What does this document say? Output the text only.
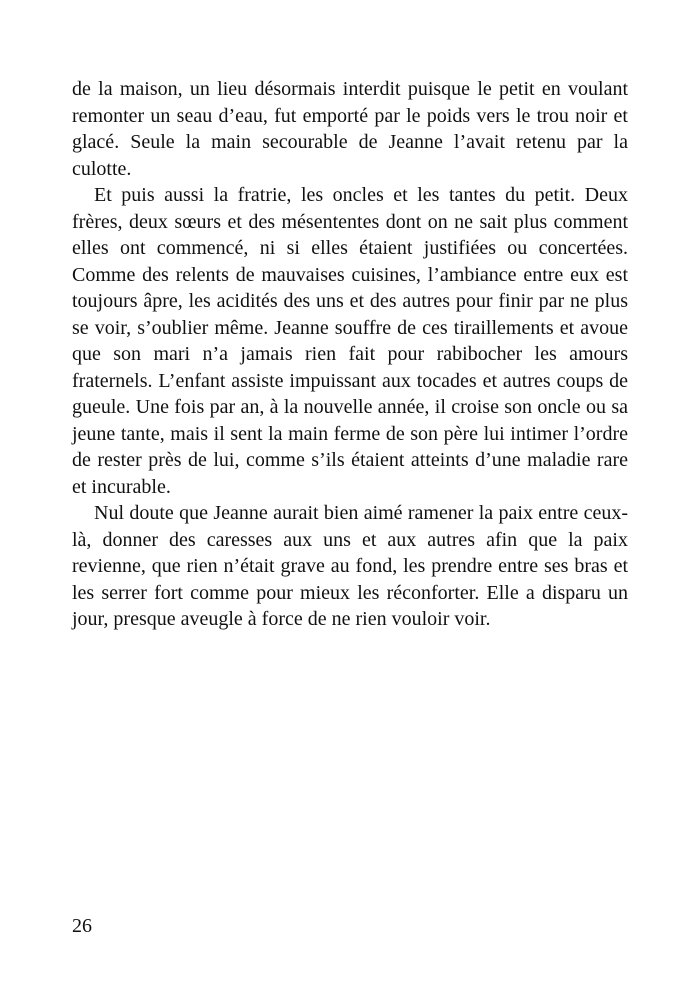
de la maison, un lieu désormais interdit puisque le petit en voulant remonter un seau d’eau, fut emporté par le poids vers le trou noir et glacé. Seule la main secourable de Jeanne l’avait retenu par la culotte.

Et puis aussi la fratrie, les oncles et les tantes du petit. Deux frères, deux sœurs et des mésententes dont on ne sait plus comment elles ont commencé, ni si elles étaient justifiées ou concertées. Comme des relents de mauvaises cuisines, l’ambiance entre eux est toujours âpre, les acidités des uns et des autres pour finir par ne plus se voir, s’oublier même. Jeanne souffre de ces tiraillements et avoue que son mari n’a jamais rien fait pour rabibocher les amours fraternels. L’enfant assiste impuissant aux tocades et autres coups de gueule. Une fois par an, à la nouvelle année, il croise son oncle ou sa jeune tante, mais il sent la main ferme de son père lui intimer l’ordre de rester près de lui, comme s’ils étaient atteints d’une maladie rare et incurable.

Nul doute que Jeanne aurait bien aimé ramener la paix entre ceux-là, donner des caresses aux uns et aux autres afin que la paix revienne, que rien n’était grave au fond, les prendre entre ses bras et les serrer fort comme pour mieux les réconforter. Elle a disparu un jour, presque aveugle à force de ne rien vouloir voir.

26
